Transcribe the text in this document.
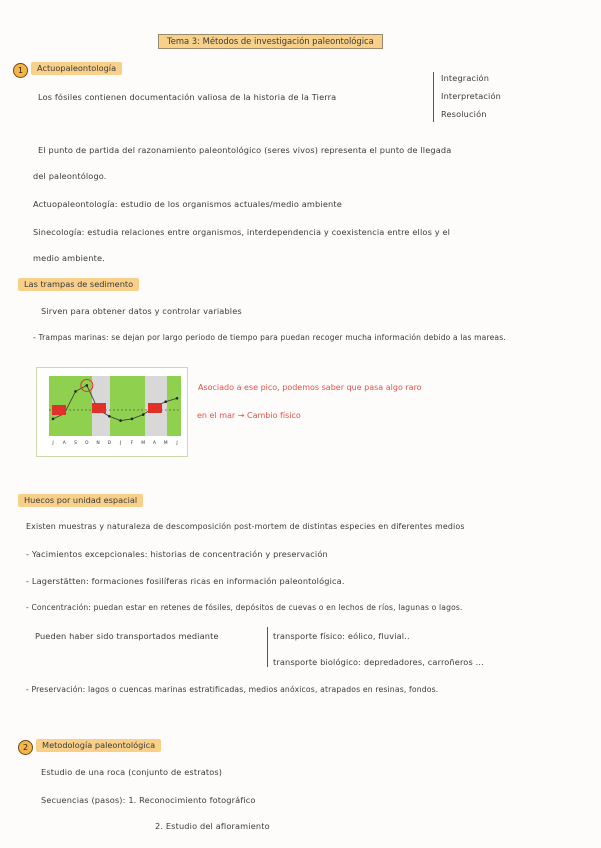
Tema 3: Métodos de investigación paleontológica
1	Actuopaleontología
Los fósiles contienen documentación valiosa de la historia de la Tierra
Integración
Interpretación
Resolución
El punto de partida del razonamiento paleontológico (seres vivos) representa el punto de llegada
del paleontólogo.
Actuopaleontología: estudio de los organismos actuales/medio ambiente
Sinecología: estudia relaciones entre organismos, interdependencia y coexistencia entre ellos y el
medio ambiente.
Las trampas de sedimento
Sirven para obtener datos y controlar variables
- Trampas marinas: se dejan por largo periodo de tiempo para puedan recoger mucha información debido a las mareas.
J A S O N D J F M A M J
Asociado a ese pico, podemos saber que pasa algo raro
en el mar → Cambio físico
Huecos por unidad espacial
Existen muestras y naturaleza de descomposición post-mortem de distintas especies en diferentes medios
- Yacimientos excepcionales: historias de concentración y preservación
- Lagerstätten: formaciones fosilíferas ricas en información paleontológica.
- Concentración: puedan estar en retenes de fósiles, depósitos de cuevas o en lechos de ríos, lagunas o lagos.
Pueden haber sido transportados mediante	transporte físico: eólico, fluvial..
transporte biológico: depredadores, carroñeros ...
- Preservación: lagos o cuencas marinas estratificadas, medios anóxicos, atrapados en resinas, fondos.
2	Metodología paleontológica
Estudio de una roca (conjunto de estratos)
Secuencias (pasos): 1. Reconocimiento fotográfico
2. Estudio del afloramiento
